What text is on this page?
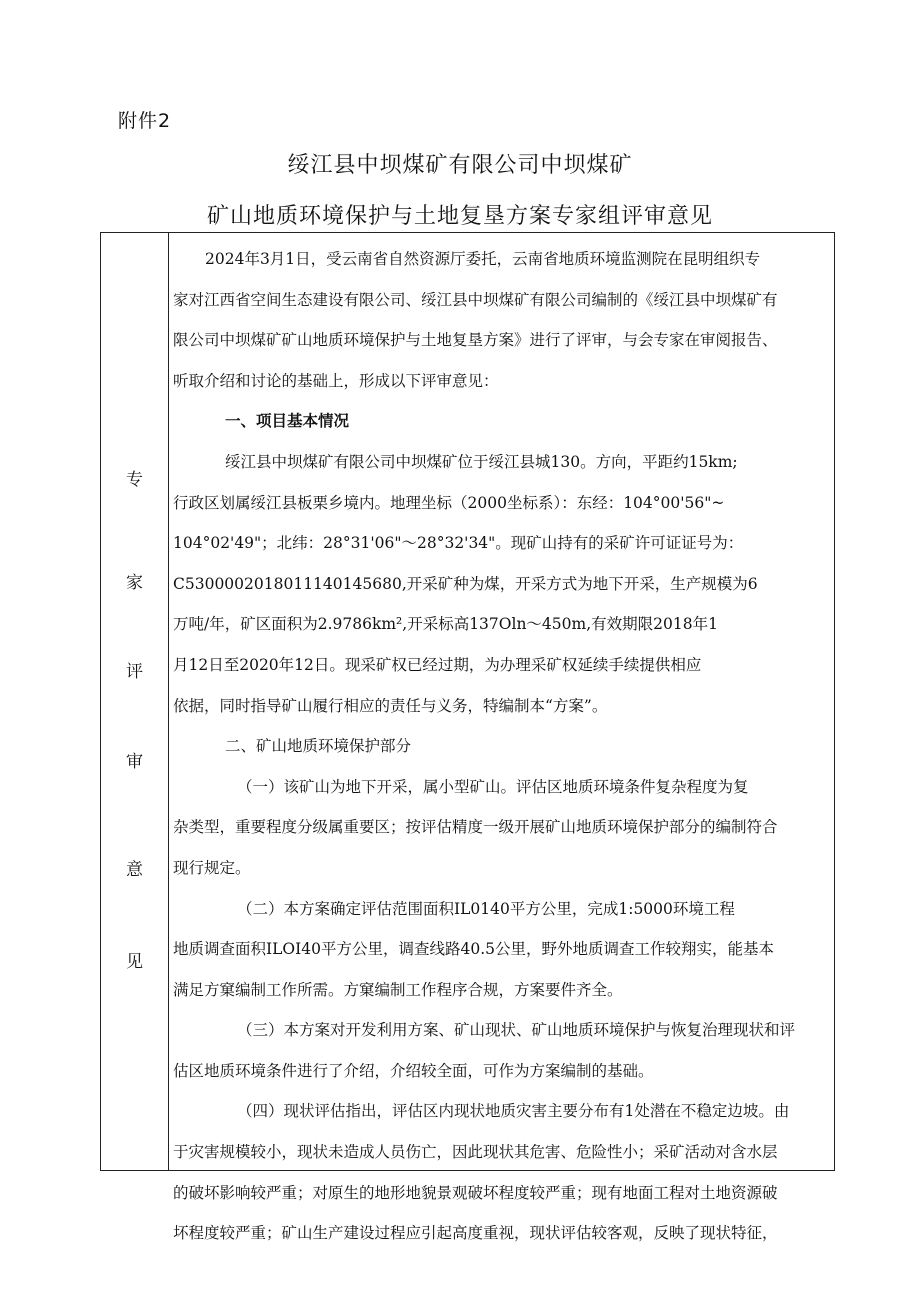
附件2
绥江县中坝煤矿有限公司中坝煤矿
矿山地质环境保护与土地复垦方案专家组评审意见
专
家
评
审
意
见
2024年3月1日，受云南省自然资源厅委托，云南省地质环境监测院在昆明组织专
家对江西省空间生态建设有限公司、绥江县中坝煤矿有限公司编制的《绥江县中坝煤矿有
限公司中坝煤矿矿山地质环境保护与土地复垦方案》进行了评审，与会专家在审阅报告、
听取介绍和讨论的基础上，形成以下评审意见：
一、项目基本情况
绥江县中坝煤矿有限公司中坝煤矿位于绥江县城130。方向，平距约15km;
行政区划属绥江县板栗乡境内。地理坐标（2000坐标系）：东经：104°00'56"~
104°02'49"；北纬：28°31'06"～28°32'34"。现矿山持有的采矿许可证证号为：
C5300002018011140145680,开采矿种为煤，开采方式为地下开采，生产规模为6
万吨/年，矿区面积为2.9786km²,开采标高137Oln～450m,有效期限2018年1
月12日至2020年12日。现采矿权已经过期，为办理采矿权延续手续提供相应
依据，同时指导矿山履行相应的责任与义务，特编制本“方案”。
二、矿山地质环境保护部分
（一）该矿山为地下开采，属小型矿山。评估区地质环境条件复杂程度为复
杂类型，重要程度分级属重要区；按评估精度一级开展矿山地质环境保护部分的编制符合
现行规定。
（二）本方案确定评估范围面积IL0140平方公里，完成1:5000环境工程
地质调查面积ILOI40平方公里，调查线路40.5公里，野外地质调查工作较翔实，能基本
满足方窠编制工作所需。方窠编制工作程序合规，方案要件齐全。
（三）本方案对开发利用方案、矿山现状、矿山地质环境保护与恢复治理现状和评
估区地质环境条件进行了介绍，介绍较全面，可作为方案编制的基础。
（四）现状评估指出，评估区内现状地质灾害主要分布有1处潜在不稳定边坡。由
于灾害规模较小，现状未造成人员伤亡，因此现状其危害、危险性小；采矿活动对含水层
的破坏影响较严重；对原生的地形地貌景观破坏程度较严重；现有地面工程对土地资源破
坏程度较严重；矿山生产建设过程应引起高度重视，现状评估较客观，反映了现状特征，
